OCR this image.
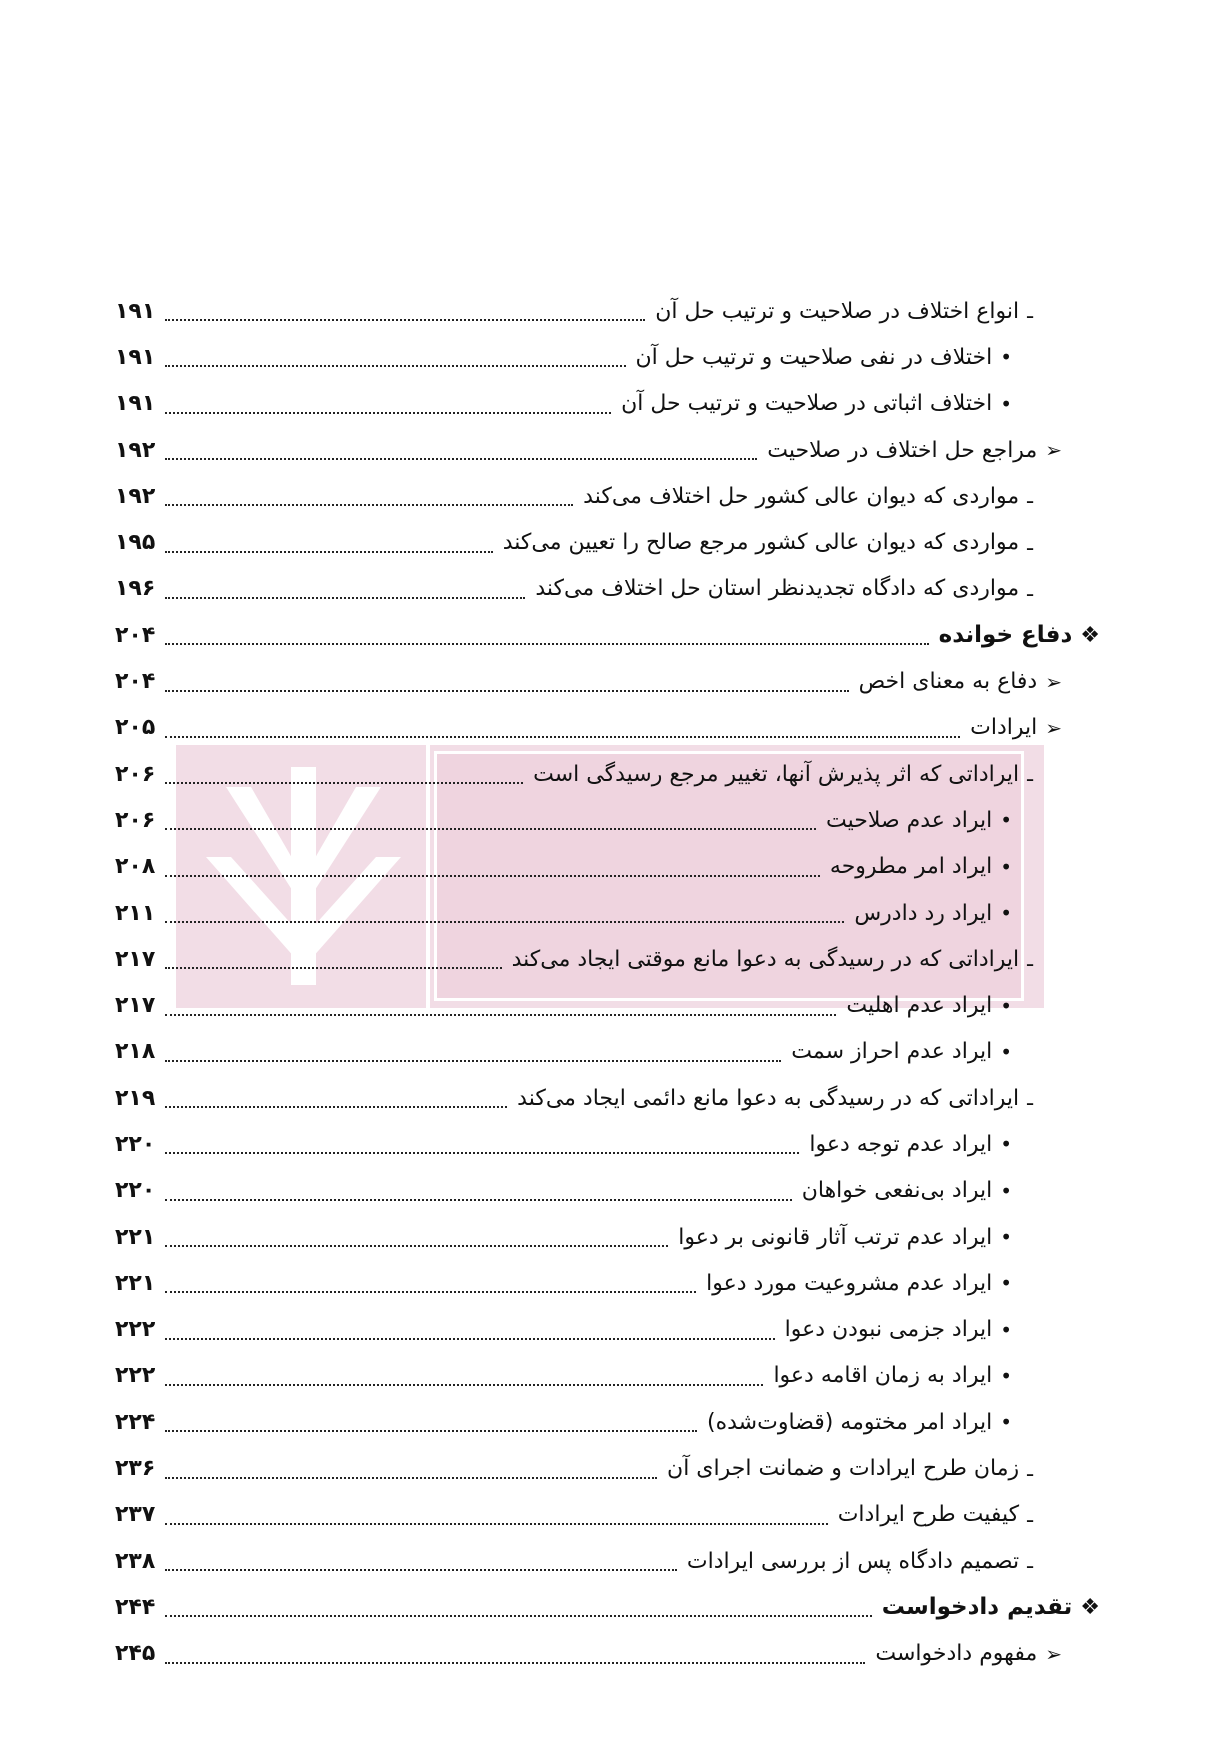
ـ
انواع اختلاف در صلاحیت و ترتیب حل آن
۱۹۱
•
اختلاف در نفی صلاحیت و ترتیب حل آن
۱۹۱
•
اختلاف اثباتی در صلاحیت و ترتیب حل آن
۱۹۱
➢
مراجع حل اختلاف در صلاحیت
۱۹۲
ـ
مواردی که دیوان عالی کشور حل اختلاف می‌کند
۱۹۲
ـ
مواردی که دیوان عالی کشور مرجع صالح را تعیین می‌کند
۱۹۵
ـ
مواردی که دادگاه تجدیدنظر استان حل اختلاف می‌کند
۱۹۶
❖
دفاع خوانده
۲۰۴
➢
دفاع به معنای اخص
۲۰۴
➢
ایرادات
۲۰۵
ـ
ایراداتی که اثر پذیرش آنها، تغییر مرجع رسیدگی است
۲۰۶
•
ایراد عدم صلاحیت
۲۰۶
•
ایراد امر مطروحه
۲۰۸
•
ایراد رد دادرس
۲۱۱
ـ
ایراداتی که در رسیدگی به دعوا مانع موقتی ایجاد می‌کند
۲۱۷
•
ایراد عدم اهلیت
۲۱۷
•
ایراد عدم احراز سمت
۲۱۸
ـ
ایراداتی که در رسیدگی به دعوا مانع دائمی ایجاد می‌کند
۲۱۹
•
ایراد عدم توجه دعوا
۲۲۰
•
ایراد بی‌نفعی خواهان
۲۲۰
•
ایراد عدم ترتب آثار قانونی بر دعوا
۲۲۱
•
ایراد عدم مشروعیت مورد دعوا
۲۲۱
•
ایراد جزمی نبودن دعوا
۲۲۲
•
ایراد به زمان اقامه دعوا
۲۲۲
•
ایراد امر مختومه (قضاوت‌شده)
۲۲۴
ـ
زمان طرح ایرادات و ضمانت اجرای آن
۲۳۶
ـ
کیفیت طرح ایرادات
۲۳۷
ـ
تصمیم دادگاه پس از بررسی ایرادات
۲۳۸
❖
تقدیم دادخواست
۲۴۴
➢
مفهوم دادخواست
۲۴۵
